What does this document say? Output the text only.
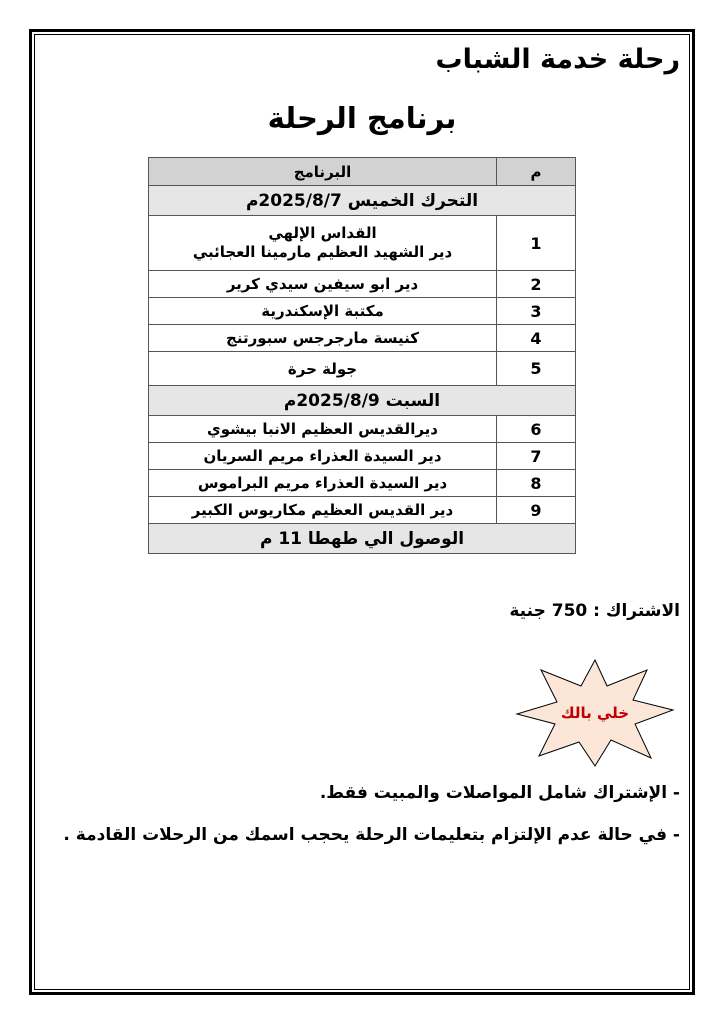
رحلة خدمة الشباب
برنامج الرحلة
م	البرنامج
التحرك الخميس 2025/8/7م	
1	القداس الإلهي
دير الشهيد العظيم مارمينا العجائبي

2	دير ابو سيفين سيدي كرير
3	مكتبة الإسكندرية
4	كنيسة مارجرجس سبورتنج
5	جولة حرة
السبت 2025/8/9م	
6	ديرالقديس العظيم الانبا بيشوي
7	دير السيدة العذراء مريم السريان
8	دير السيدة العذراء مريم البراموس
9	دير القديس العظيم مكاريوس الكبير
الوصول الي طهطا 11 م	
الاشتراك : 750 جنية
خلي بالك
- الإشتراك شامل المواصلات والمبيت فقط.
- في حالة عدم الإلتزام بتعليمات الرحلة يحجب اسمك من الرحلات القادمة .
